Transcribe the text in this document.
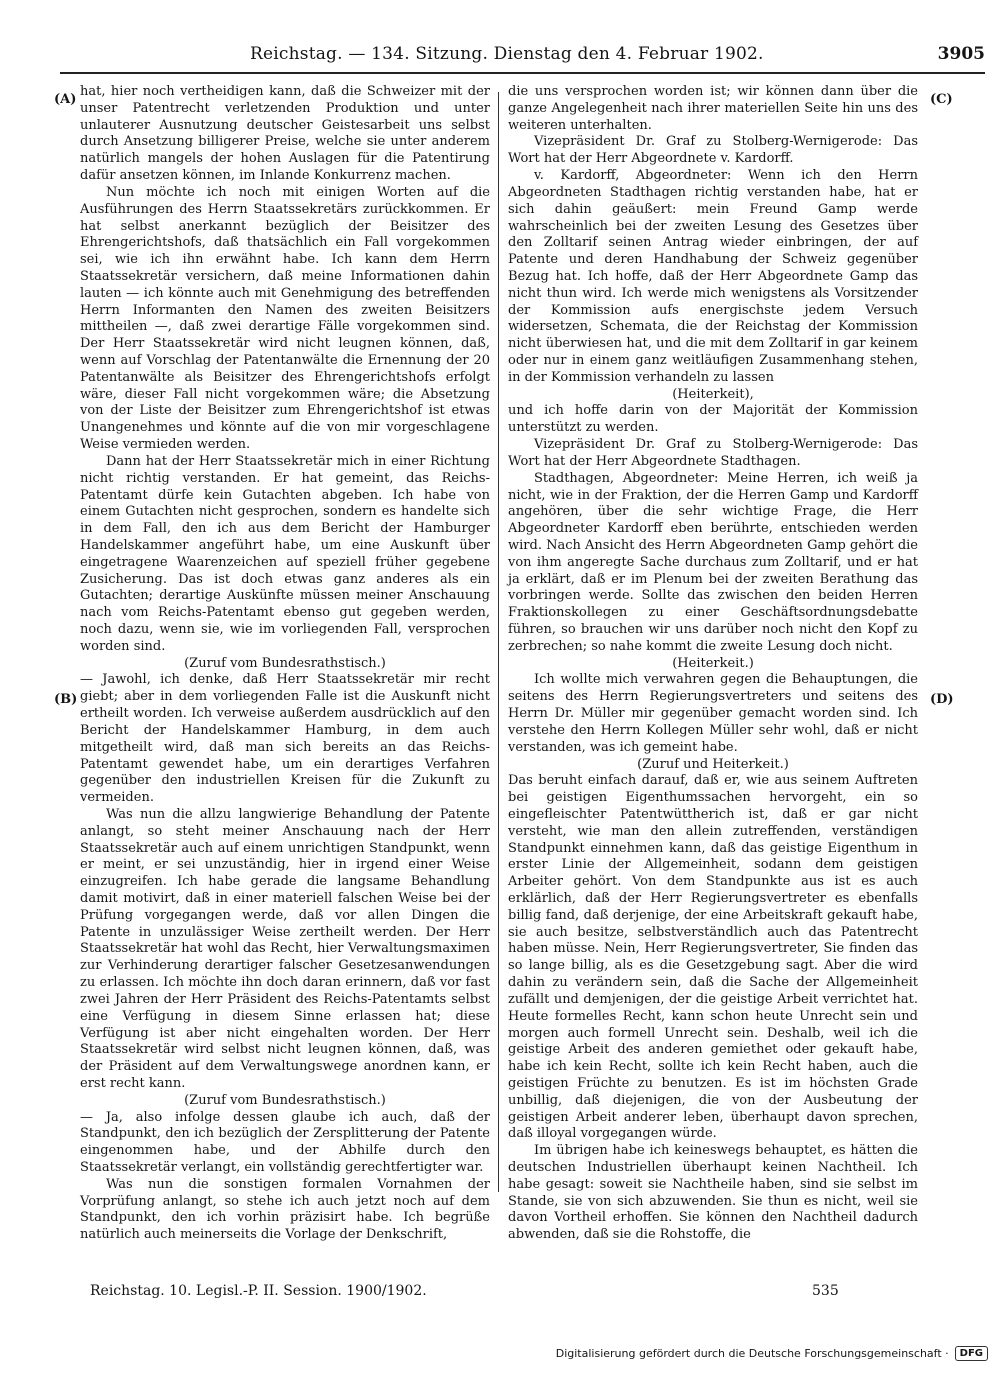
Reichstag. — 134. Sitzung. Dienstag den 4. Februar 1902.	3905
(A)
(B)
(C)
(D)

hat, hier noch vertheidigen kann, daß die Schweizer mit der unser Patentrecht verletzenden Produktion und unter unlauterer Ausnutzung deutscher Geistesarbeit uns selbst durch Ansetzung billigerer Preise, welche sie unter anderem natürlich mangels der hohen Auslagen für die Patentirung dafür ansetzen können, im Inlande Konkurrenz machen.

Nun möchte ich noch mit einigen Worten auf die Ausführungen des Herrn Staatssekretärs zurückkommen. Er hat selbst anerkannt bezüglich der Beisitzer des Ehrengerichtshofs, daß thatsächlich ein Fall vorgekommen sei, wie ich ihn erwähnt habe. Ich kann dem Herrn Staatssekretär versichern, daß meine Informationen dahin lauten — ich könnte auch mit Genehmigung des betreffenden Herrn Informanten den Namen des zweiten Beisitzers mittheilen —, daß zwei derartige Fälle vorgekommen sind. Der Herr Staatssekretär wird nicht leugnen können, daß, wenn auf Vorschlag der Patentanwälte die Ernennung der 20 Patentanwälte als Beisitzer des Ehrengerichtshofs erfolgt wäre, dieser Fall nicht vorgekommen wäre; die Absetzung von der Liste der Beisitzer zum Ehrengerichtshof ist etwas Unangenehmes und könnte auf die von mir vorgeschlagene Weise vermieden werden.

Dann hat der Herr Staatssekretär mich in einer Richtung nicht richtig verstanden. Er hat gemeint, das Reichs-Patentamt dürfe kein Gutachten abgeben. Ich habe von einem Gutachten nicht gesprochen, sondern es handelte sich in dem Fall, den ich aus dem Bericht der Hamburger Handelskammer angeführt habe, um eine Auskunft über eingetragene Waarenzeichen auf speziell früher gegebene Zusicherung. Das ist doch etwas ganz anderes als ein Gutachten; derartige Auskünfte müssen meiner Anschauung nach vom Reichs-Patentamt ebenso gut gegeben werden, noch dazu, wenn sie, wie im vorliegenden Fall, versprochen worden sind.

(Zuruf vom Bundesrathstisch.)

— Jawohl, ich denke, daß Herr Staatssekretär mir recht giebt; aber in dem vorliegenden Falle ist die Auskunft nicht ertheilt worden. Ich verweise außerdem ausdrücklich auf den Bericht der Handelskammer Hamburg, in dem auch mitgetheilt wird, daß man sich bereits an das Reichs-Patentamt gewendet habe, um ein derartiges Verfahren gegenüber den industriellen Kreisen für die Zukunft zu vermeiden.

Was nun die allzu langwierige Behandlung der Patente anlangt, so steht meiner Anschauung nach der Herr Staatssekretär auch auf einem unrichtigen Standpunkt, wenn er meint, er sei unzuständig, hier in irgend einer Weise einzugreifen. Ich habe gerade die langsame Behandlung damit motivirt, daß in einer materiell falschen Weise bei der Prüfung vorgegangen werde, daß vor allen Dingen die Patente in unzulässiger Weise zertheilt werden. Der Herr Staatssekretär hat wohl das Recht, hier Verwaltungsmaximen zur Verhinderung derartiger falscher Gesetzesanwendungen zu erlassen. Ich möchte ihn doch daran erinnern, daß vor fast zwei Jahren der Herr Präsident des Reichs-Patentamts selbst eine Verfügung in diesem Sinne erlassen hat; diese Verfügung ist aber nicht eingehalten worden. Der Herr Staatssekretär wird selbst nicht leugnen können, daß, was der Präsident auf dem Verwaltungswege anordnen kann, er erst recht kann.

(Zuruf vom Bundesrathstisch.)

— Ja, also infolge dessen glaube ich auch, daß der Standpunkt, den ich bezüglich der Zersplitterung der Patente eingenommen habe, und der Abhilfe durch den Staatssekretär verlangt, ein vollständig gerechtfertigter war.

Was nun die sonstigen formalen Vornahmen der Vorprüfung anlangt, so stehe ich auch jetzt noch auf dem Standpunkt, den ich vorhin präzisirt habe. Ich begrüße natürlich auch meinerseits die Vorlage der Denkschrift,

die uns versprochen worden ist; wir können dann über die ganze Angelegenheit nach ihrer materiellen Seite hin uns des weiteren unterhalten.

Vizepräsident Dr. Graf zu Stolberg-Wernigerode: Das Wort hat der Herr Abgeordnete v. Kardorff.

v. Kardorff, Abgeordneter: Wenn ich den Herrn Abgeordneten Stadthagen richtig verstanden habe, hat er sich dahin geäußert: mein Freund Gamp werde wahrscheinlich bei der zweiten Lesung des Gesetzes über den Zolltarif seinen Antrag wieder einbringen, der auf Patente und deren Handhabung der Schweiz gegenüber Bezug hat. Ich hoffe, daß der Herr Abgeordnete Gamp das nicht thun wird. Ich werde mich wenigstens als Vorsitzender der Kommission aufs energischste jedem Versuch widersetzen, Schemata, die der Reichstag der Kommission nicht überwiesen hat, und die mit dem Zolltarif in gar keinem oder nur in einem ganz weitläufigen Zusammenhang stehen, in der Kommission verhandeln zu lassen

(Heiterkeit),

und ich hoffe darin von der Majorität der Kommission unterstützt zu werden.

Vizepräsident Dr. Graf zu Stolberg-Wernigerode: Das Wort hat der Herr Abgeordnete Stadthagen.

Stadthagen, Abgeordneter: Meine Herren, ich weiß ja nicht, wie in der Fraktion, der die Herren Gamp und Kardorff angehören, über die sehr wichtige Frage, die Herr Abgeordneter Kardorff eben berührte, entschieden werden wird. Nach Ansicht des Herrn Abgeordneten Gamp gehört die von ihm angeregte Sache durchaus zum Zolltarif, und er hat ja erklärt, daß er im Plenum bei der zweiten Berathung das vorbringen werde. Sollte das zwischen den beiden Herren Fraktionskollegen zu einer Geschäftsordnungsdebatte führen, so brauchen wir uns darüber noch nicht den Kopf zu zerbrechen; so nahe kommt die zweite Lesung doch nicht.

(Heiterkeit.)

Ich wollte mich verwahren gegen die Behauptungen, die seitens des Herrn Regierungsvertreters und seitens des Herrn Dr. Müller mir gegenüber gemacht worden sind. Ich verstehe den Herrn Kollegen Müller sehr wohl, daß er nicht verstanden, was ich gemeint habe.

(Zuruf und Heiterkeit.)

Das beruht einfach darauf, daß er, wie aus seinem Auftreten bei geistigen Eigenthumssachen hervorgeht, ein so eingefleischter Patentwüttherich ist, daß er gar nicht versteht, wie man den allein zutreffenden, verständigen Standpunkt einnehmen kann, daß das geistige Eigenthum in erster Linie der Allgemeinheit, sodann dem geistigen Arbeiter gehört. Von dem Standpunkte aus ist es auch erklärlich, daß der Herr Regierungsvertreter es ebenfalls billig fand, daß derjenige, der eine Arbeitskraft gekauft habe, sie auch besitze, selbstverständlich auch das Patentrecht haben müsse. Nein, Herr Regierungsvertreter, Sie finden das so lange billig, als es die Gesetzgebung sagt. Aber die wird dahin zu verändern sein, daß die Sache der Allgemeinheit zufällt und demjenigen, der die geistige Arbeit verrichtet hat. Heute formelles Recht, kann schon heute Unrecht sein und morgen auch formell Unrecht sein. Deshalb, weil ich die geistige Arbeit des anderen gemiethet oder gekauft habe, habe ich kein Recht, sollte ich kein Recht haben, auch die geistigen Früchte zu benutzen. Es ist im höchsten Grade unbillig, daß diejenigen, die von der Ausbeutung der geistigen Arbeit anderer leben, überhaupt davon sprechen, daß illoyal vorgegangen würde.

Im übrigen habe ich keineswegs behauptet, es hätten die deutschen Industriellen überhaupt keinen Nachtheil. Ich habe gesagt: soweit sie Nachtheile haben, sind sie selbst im Stande, sie von sich abzuwenden. Sie thun es nicht, weil sie davon Vortheil erhoffen. Sie können den Nachtheil dadurch abwenden, daß sie die Rohstoffe, die

Reichstag. 10. Legisl.-P. II. Session. 1900/1902.	535
Digitalisierung gefördert durch die Deutsche Forschungsgemeinschaft ·	DFG
